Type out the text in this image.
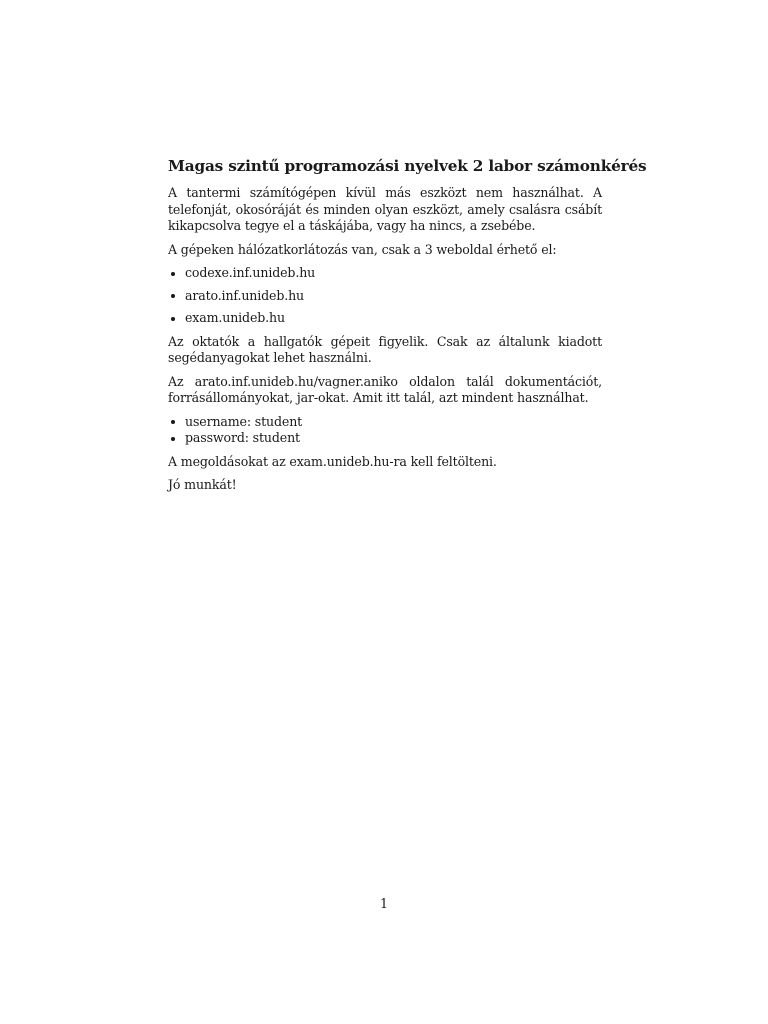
Magas szintű programozási nyelvek 2 labor számonkérés

A tantermi számítógépen kívül más eszközt nem használhat. A telefonját, okosóráját és minden olyan eszközt, amely csalásra csábít kikapcsolva tegye el a táskájába, vagy ha nincs, a zsebébe.

A gépeken hálózatkorlátozás van, csak a 3 weboldal érhető el:

codexe.inf.unideb.hu
arato.inf.unideb.hu
exam.unideb.hu

Az oktatók a hallgatók gépeit figyelik. Csak az általunk kiadott segédanyagokat lehet használni.

Az arato.inf.unideb.hu/vagner.aniko oldalon talál dokumentációt, forrásállományokat, jar-okat. Amit itt talál, azt mindent használhat.

username: student
password: student

A megoldásokat az exam.unideb.hu-ra kell feltölteni.

Jó munkát!

1
